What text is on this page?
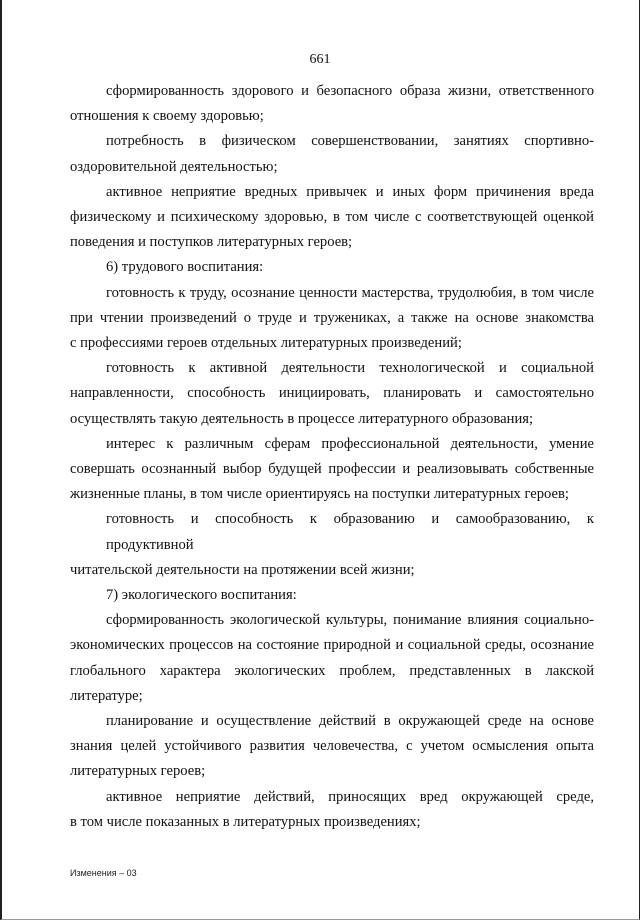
661
сформированность здорового и безопасного образа жизни, ответственного
отношения к своему здоровью;
потребность в физическом совершенствовании, занятиях спортивно-
оздоровительной деятельностью;
активное неприятие вредных привычек и иных форм причинения вреда
физическому и психическому здоровью, в том числе с соответствующей оценкой
поведения и поступков литературных героев;
6) трудового воспитания:
готовность к труду, осознание ценности мастерства, трудолюбия, в том числе
при чтении произведений о труде и тружениках, а также на основе знакомства
с профессиями героев отдельных литературных произведений;
готовность к активной деятельности технологической и социальной
направленности, способность инициировать, планировать и самостоятельно
осуществлять такую деятельность в процессе литературного образования;
интерес к различным сферам профессиональной деятельности, умение
совершать осознанный выбор будущей профессии и реализовывать собственные
жизненные планы, в том числе ориентируясь на поступки литературных героев;
готовность и способность к образованию и самообразованию, к продуктивной
читательской деятельности на протяжении всей жизни;
7) экологического воспитания:
сформированность экологической культуры, понимание влияния социально-
экономических процессов на состояние природной и социальной среды, осознание
глобального характера экологических проблем, представленных в лакской
литературе;
планирование и осуществление действий в окружающей среде на основе
знания целей устойчивого развития человечества, с учетом осмысления опыта
литературных героев;
активное неприятие действий, приносящих вред окружающей среде,
в том числе показанных в литературных произведениях;
Изменения – 03
